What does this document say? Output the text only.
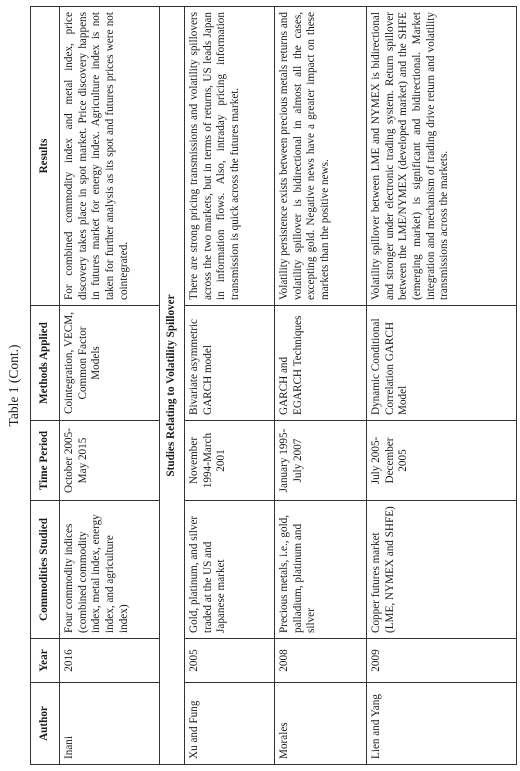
Table 1 (Cont.)
Author	Year	Commodities Studied	Time Period	Methods Applied	Results
Inani	2016	Four commodity indices (combined commodity index, metal index, energy index, and agriculture index)	October 2005-May 2015	Cointegration, VECM, Common Factor Models	For combined commodity index and metal index, price discovery takes place in spot market. Price discovery happens in futures market for energy index. Agriculture index is not taken for further analysis as its spot and futures prices were not cointegrated.
Studies Relating to Volatility Spillover					
Xu and Fung	2005	Gold, platinum, and silver traded at the US and Japanese market	November 1994-March 2001	Bivariate asymmetric GARCH model	There are strong pricing transmissions and volatility spillovers across the two markets, but in terms of returns, US leads Japan in information flows. Also, intraday pricing information transmission is quick across the futures market.
Morales	2008	Precious metals, i.e., gold, palladium, platinum and silver	January 1995-July 2007	GARCH and EGARCH Techniques	Volatility persistence exists between precious metals returns and volatility spillover is bidirectional in almost all the cases, excepting gold. Negative news have a greater impact on these markets than the positive news.
Lien and Yang	2009	Copper futures market (LME, NYMEX and SHFE)	July 2005-December 2005	Dynamic Conditional Correlation GARCH Model	Volatility spillover between LME and NYMEX is bidirectional and stronger under electronic trading system. Return spillover between the LME/NYMEX (developed market) and the SHFE (emerging market) is significant and bidirectional. Market integration and mechanism of trading drive return and volatility transmissions across the markets.
